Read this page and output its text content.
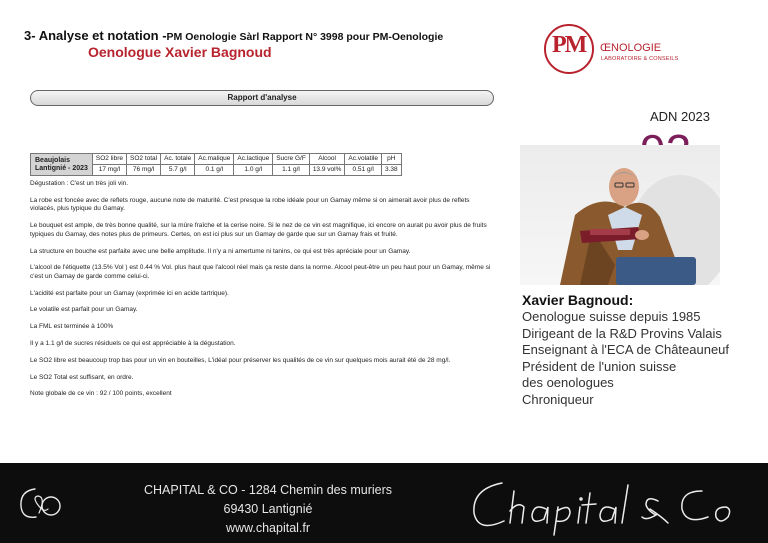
3- Analyse et notation -PM Oenologie Sàrl Rapport N° 3998 pour PM-Oenologie
Oenologue Xavier Bagnoud	PM ŒNOLOGIE
LABORATOIRE & CONSEILS
Rapport d'analyse
Beaujolais
Lantignié - 2023	SO2 libre	SO2 total	Ac. totale	Ac.malique	Ac.lactique	Sucre G/F	Alcool	Ac.volatile	pH
	17 mg/l	76 mg/l	5.7 g/l	0.1 g/l	1.0 g/l	1.1 g/l	13.9 vol%	0.51 g/l	3.38

Dégustation : C'est un très joli vin.

La robe est foncée avec de reflets rouge, aucune note de maturité. C'est presque la robe idéale pour un Gamay même si on aimerait avoir plus de reflets violacés, plus typique du Gamay.

Le bouquet est ample, de très bonne qualité, sur la mûre fraîche et la cerise noire. Si le nez de ce vin est magnifique, ici encore on aurait pu avoir plus de fruits typiques du Gamay, des notes plus de primeurs. Certes, on est ici plus sur un Gamay de garde que sur un Gamay frais et fruité.

La structure en bouche est parfaite avec une belle amplitude. Il n'y a ni amertume ni tanins, ce qui est très apréciale pour un Gamay.

L'alcool de l'étiquette (13.5% Vol ) est 0.44 % Vol. plus haut que l'alcool réel mais ça reste dans la norme. Alcool peut-être un peu haut pour un Gamay, même si c'est un Gamay de garde comme celui-ci.

L'acidité est parfaite pour un Gamay (exprimée ici en acide tartrique).

Le volatile est parfait pour un Gamay.

La FML est terminée à 100%

Il y a 1.1 g/l de sucres résiduels ce qui est appréciable à la dégustation.

Le SO2 libre est beaucoup trop bas pour un vin en bouteilles, L'idéal pour préserver les qualités de ce vin sur quelques mois aurait été de 28 mg/l.

Le SO2 Total est suffisant, en ordre.

Note globale de ce vin : 92 / 100 points, excellent

ADN 2023
Xavier Bagnoud:
Oenologue suisse depuis 1985
Dirigeant de la R&D Provins Valais
Enseignant à l'ECA de Châteauneuf
Président de l'union suisse
des oenologues
Chroniqueur
CHAPITAL & CO - 1284 Chemin des muriers
69430 Lantignié
www.chapital.fr
